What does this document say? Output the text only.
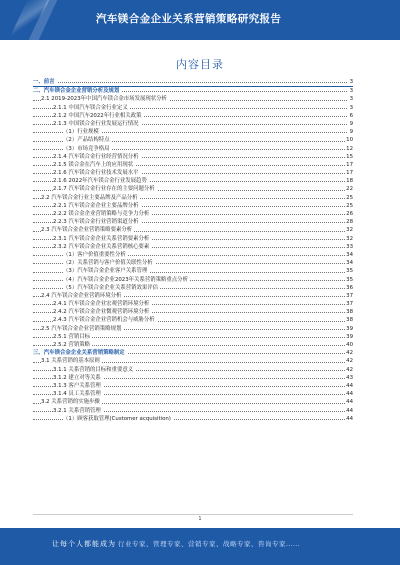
汽车镁合金企业关系营销策略研究报告
内容目录
一、前言	3
二、汽车镁合金企业营销分析及规划	3
2.1 2019-2023年中国汽车镁合金市场发展现状分析	3
2.1.1 中国汽车镁合金行业定义	3
2.1.2 中国汽车2022年行业相关政策	6
2.1.3 中国镁合金行业发展运行情况	9
（1）行业规模	9
（2）产品结构特点	10
（3）市场竞争格局	12
2.1.4 汽车镁合金行业经营情况分析	15
2.1.5 镁合金在汽车上的应用现状	17
2.1.6 汽车镁合金行业技术发展水平	17
2.1.6 2022年汽车镁合金行业发展趋势	18
2.1.7 汽车镁合金行业存在的主要问题分析	22
2.2 汽车镁合金行业主要品牌及产品分析	25
2.2.1 汽车镁合金企业主要品牌分析	25
2.2.2 镁合金企业营销策略与竞争力分析	26
2.2.3 汽车镁合金行业营销渠道分析	28
2.3 汽车镁合金企业营销策略要素分析	32
2.3.1 汽车镁合金企业关系营销要素分析	32
2.3.2 汽车镁合金企业关系营销核心要素	33
（1）客户价值重要性分析	34
（2）关系营销与客户价值关联性分析	34
（3）汽车镁合金企业客户关系管理	35
（4）汽车镁合金企业2023年关系营销策略重点分析	35
（5）汽车镁合金企业关系营销效果评估	36
2.4 汽车镁合金企业营销环境分析	37
2.4.1 汽车镁合金企业宏观营销环境分析	37
2.4.2 汽车镁合金企业微观营销环境分析	38
2.4.3 汽车镁合金企业营销机会与威胁分析	38
2.5 汽车镁合金企业营销策略规划	39
2.5.1 营销目标	39
2.5.2 营销策略	40
三、汽车镁合金企业关系营销策略制定	42
3.1 关系营销的基本原则	42
3.1.1 关系营销的目标和重要意义	42
3.1.2 建立对等关系	43
3.1.3 客户关系管理	44
3.1.4 员工关系管理	44
3.2 关系营销的实施步骤	44
3.2.1 关系营销管理	44
（1）顾客获取管理(Customer acquisition)	44
1
让每个人都能成为 行业专家、管理专家、营销专家、战略专家、咨询专家……
